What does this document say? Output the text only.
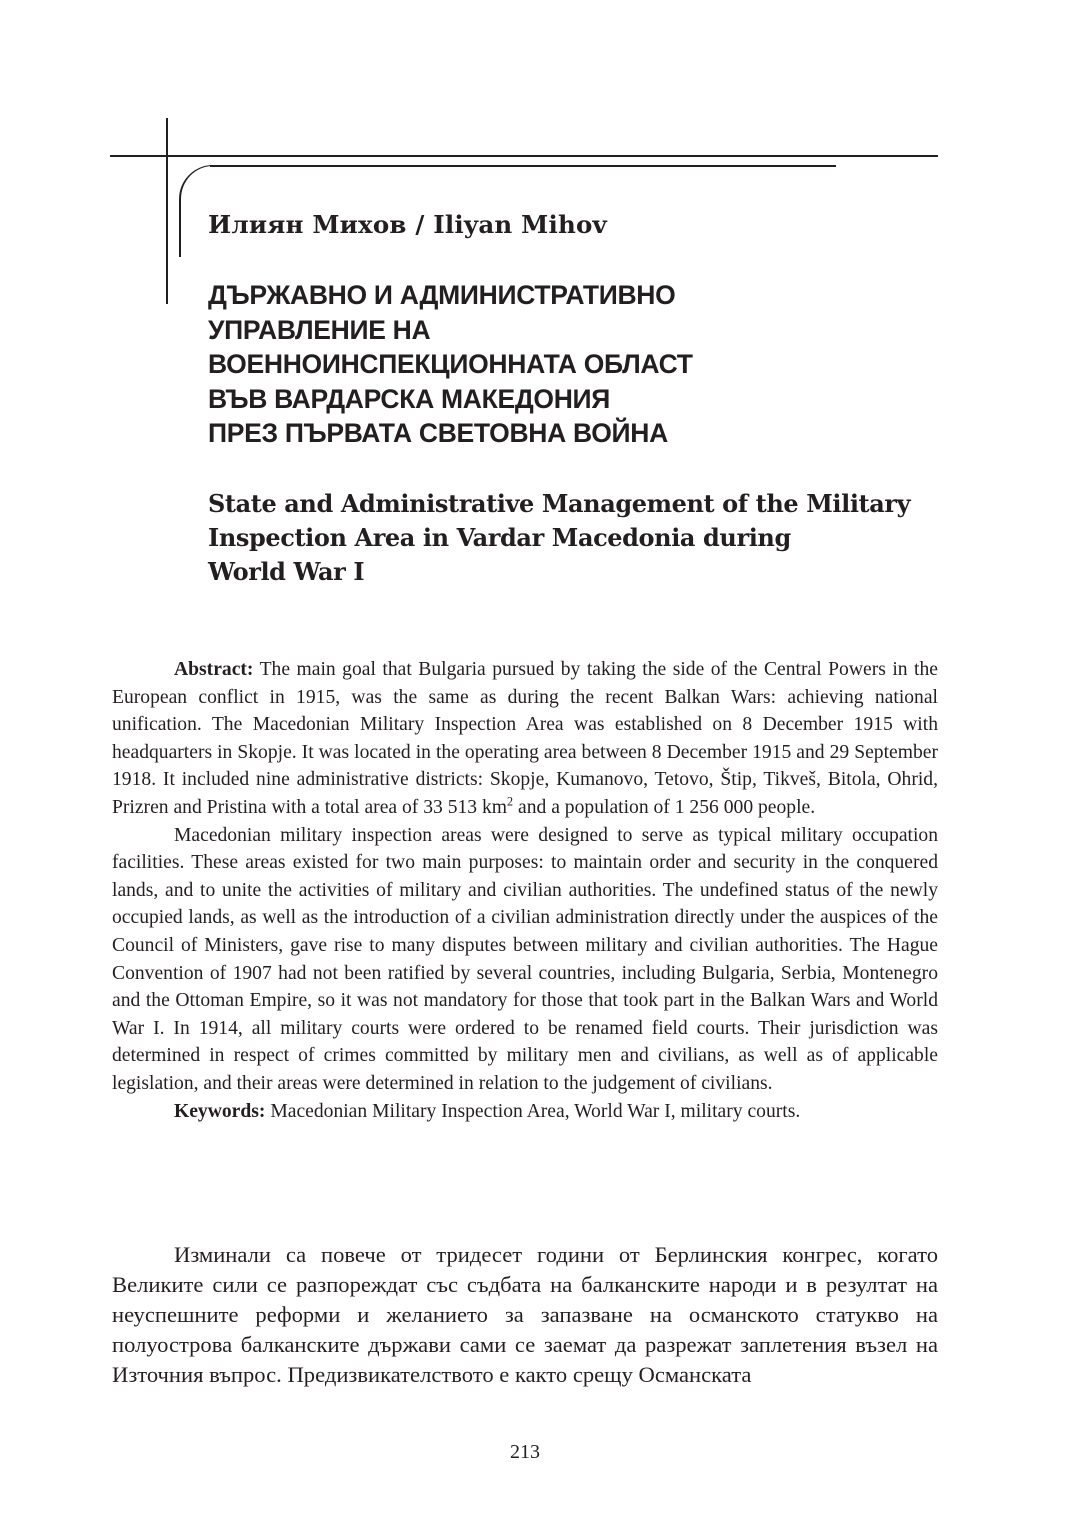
Илиян Михов / Iliyan Mihov
ДЪРЖАВНО И АДМИНИСТРАТИВНО
УПРАВЛЕНИЕ НА
ВОЕННОИНСПЕКЦИОННАТА ОБЛАСТ
ВЪВ ВАРДАРСКА МАКЕДОНИЯ
ПРЕЗ ПЪРВАТА СВЕТОВНА ВОЙНА
State and Administrative Management of the Military
Inspection Area in Vardar Macedonia during
World War I

Abstract: The main goal that Bulgaria pursued by taking the side of the Central Powers in the European conflict in 1915, was the same as during the recent Balkan Wars: achieving national unification. The Macedonian Military Inspection Area was established on 8 December 1915 with headquarters in Skopje. It was located in the operating area between 8 December 1915 and 29 September 1918. It included nine administrative districts: Skopje, Kumanovo, Tetovo, Štip, Tikveš, Bitola, Ohrid, Prizren and Pristina with a total area of 33 513 $km^2$ and a population of 1 256 000 people.

Macedonian military inspection areas were designed to serve as typical military occupation facilities. These areas existed for two main purposes: to maintain order and security in the conquered lands, and to unite the activities of military and civilian authorities. The undefined status of the newly occupied lands, as well as the introduction of a civilian administration directly under the auspices of the Council of Ministers, gave rise to many disputes between military and civilian authorities. The Hague Convention of 1907 had not been ratified by several countries, including Bulgaria, Serbia, Montenegro and the Ottoman Empire, so it was not mandatory for those that took part in the Balkan Wars and World War I. In 1914, all military courts were ordered to be renamed field courts. Their jurisdiction was determined in respect of crimes committed by military men and civilians, as well as of applicable legislation, and their areas were determined in relation to the judgement of civilians.

Keywords: Macedonian Military Inspection Area, World War I, military courts.

Изминали са повече от тридесет години от Берлинския конгрес, когато Великите сили се разпореждат със съдбата на балканските народи и в резултат на неуспешните реформи и желанието за запазване на османското статукво на полуострова балканските държави сами се заемат да разрежат заплетения възел на Източния въпрос. Предизвикателството е както срещу Османската

213
